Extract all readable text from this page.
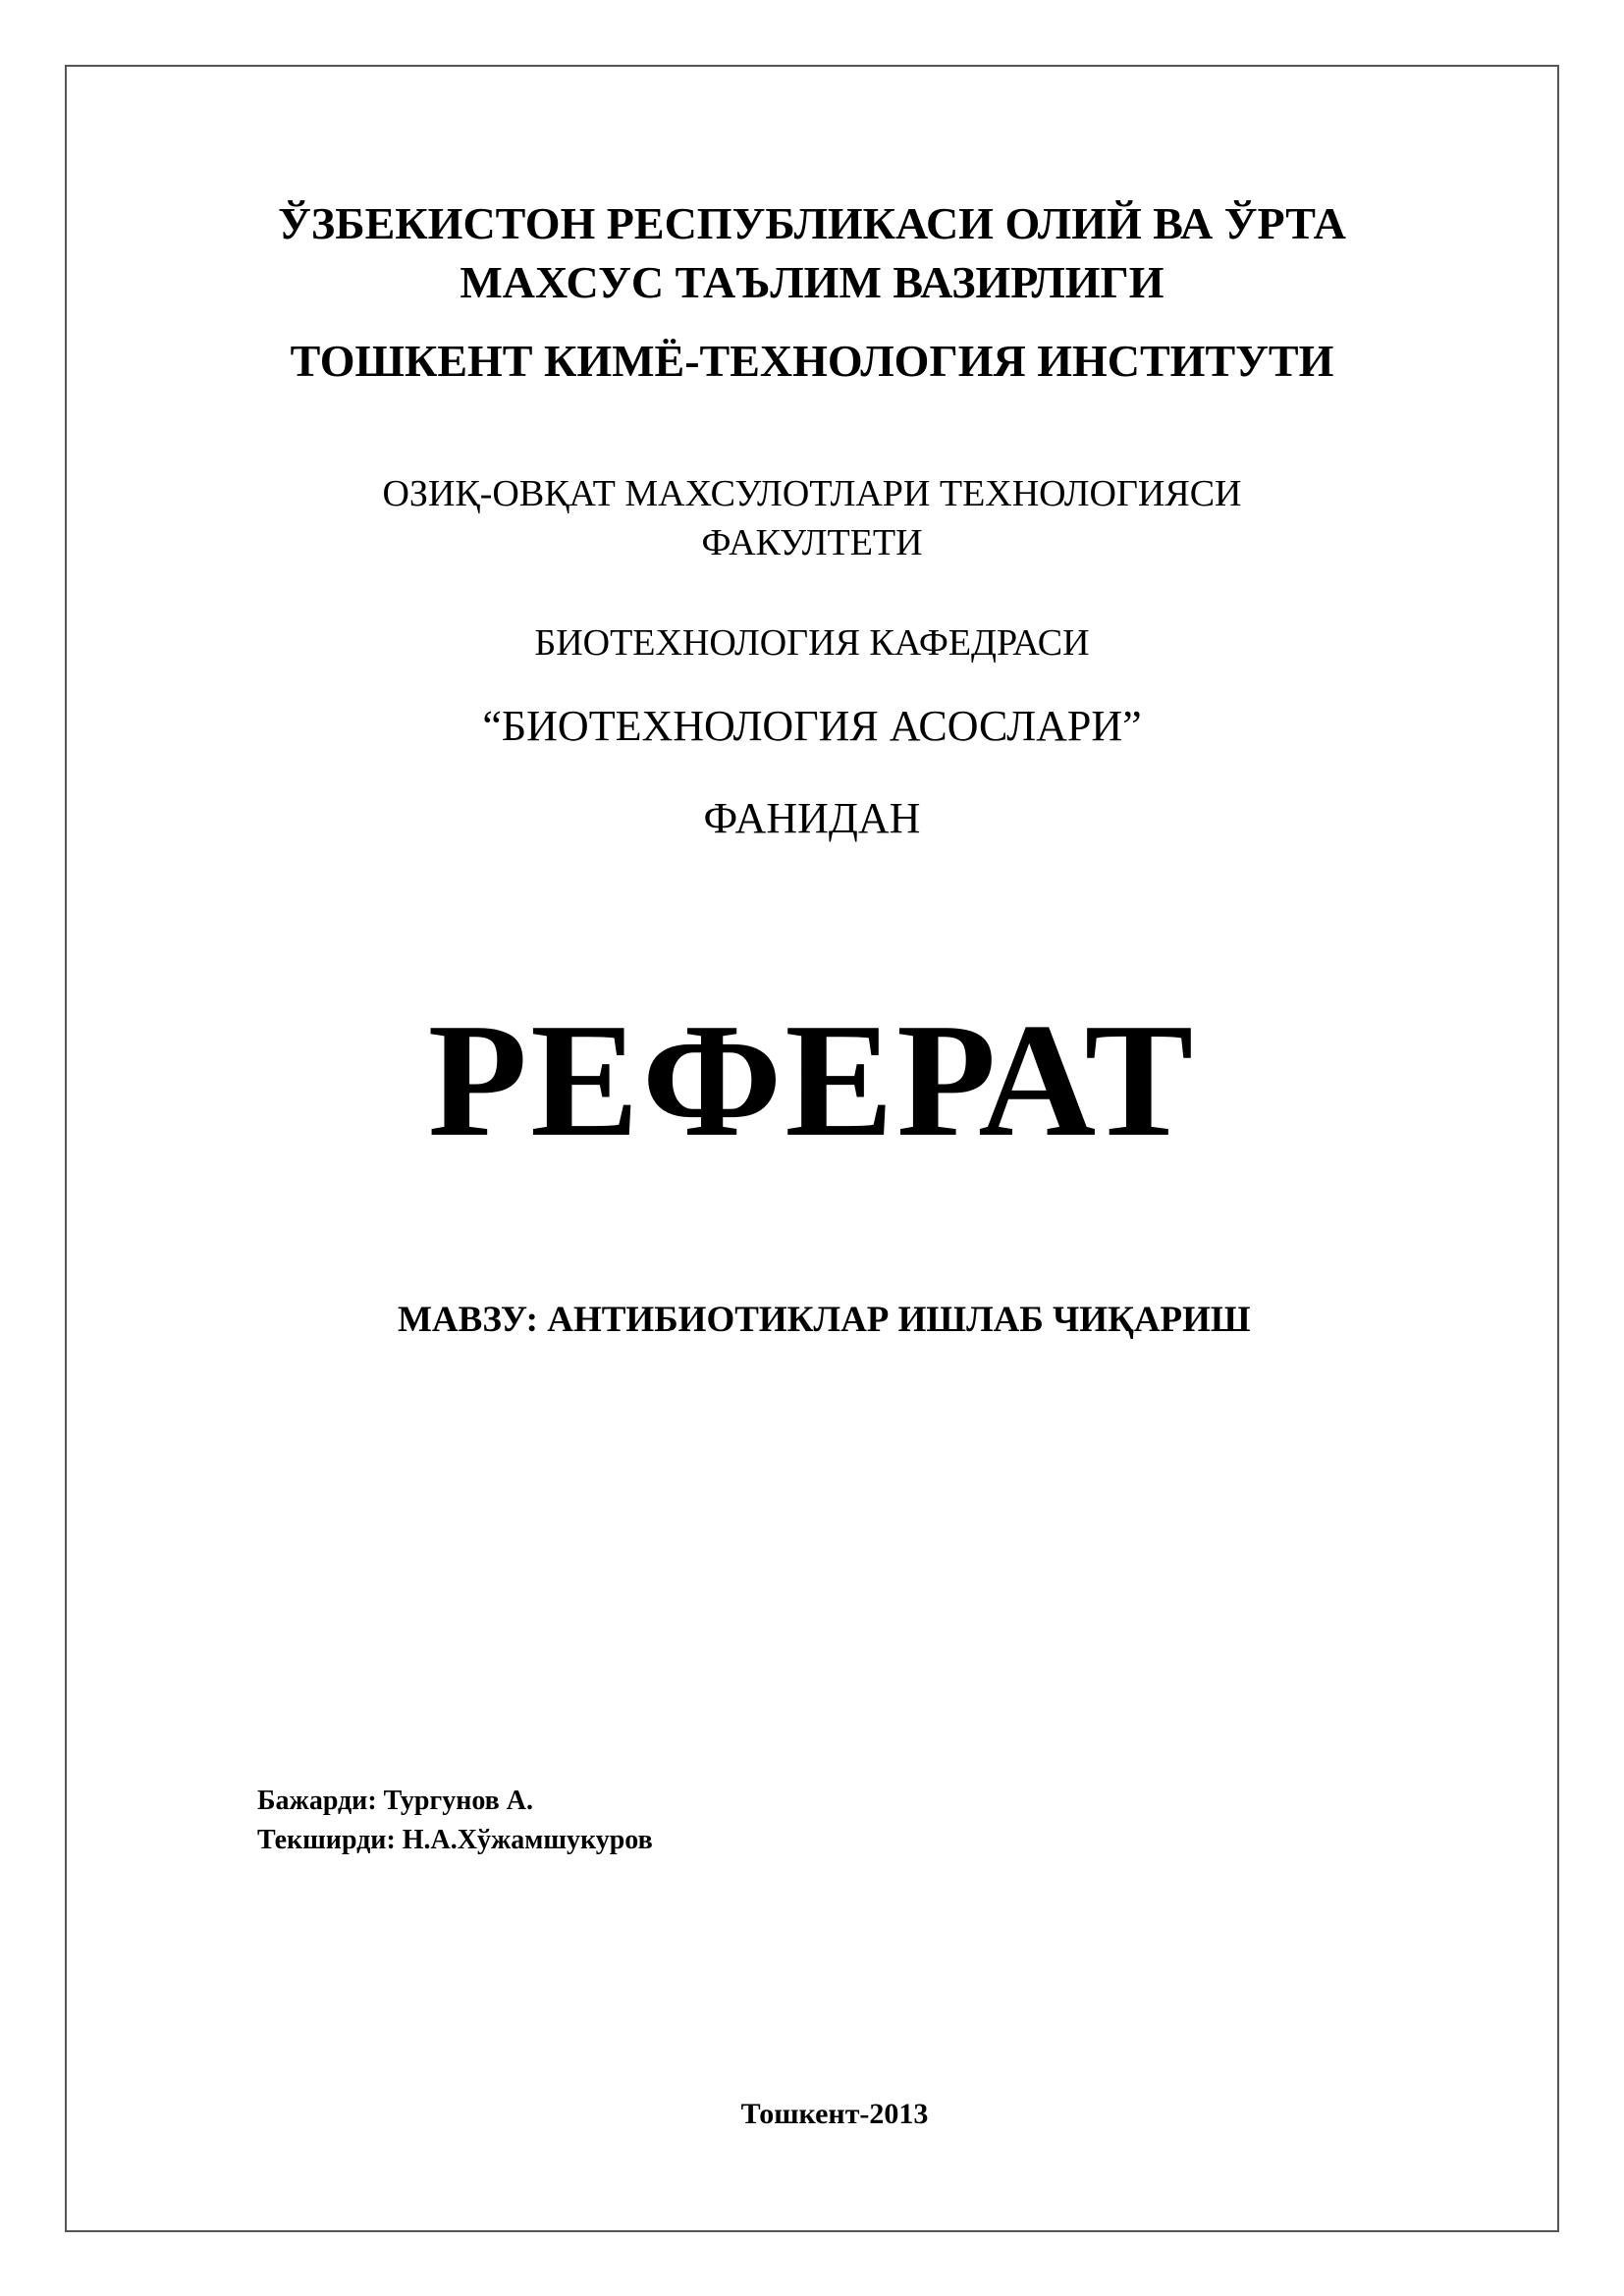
ЎЗБЕКИСТОН РЕСПУБЛИКАСИ ОЛИЙ ВА ЎРТА
МАХСУС ТАЪЛИМ ВАЗИРЛИГИ
ТОШКЕНТ КИМЁ-ТЕХНОЛОГИЯ ИНСТИТУТИ
ОЗИҚ-ОВҚАТ МАХСУЛОТЛАРИ ТЕХНОЛОГИЯСИ
ФАКУЛТЕТИ
БИОТЕХНОЛОГИЯ КАФЕДРАСИ
“БИОТЕХНОЛОГИЯ АСОСЛАРИ”
ФАНИДАН
РЕФЕРАТ
МАВЗУ: АНТИБИОТИКЛАР ИШЛАБ ЧИҚАРИШ
Бажарди: Тургунов А.
Текширди: Н.А.Хўжамшукуров
Тошкент-2013
